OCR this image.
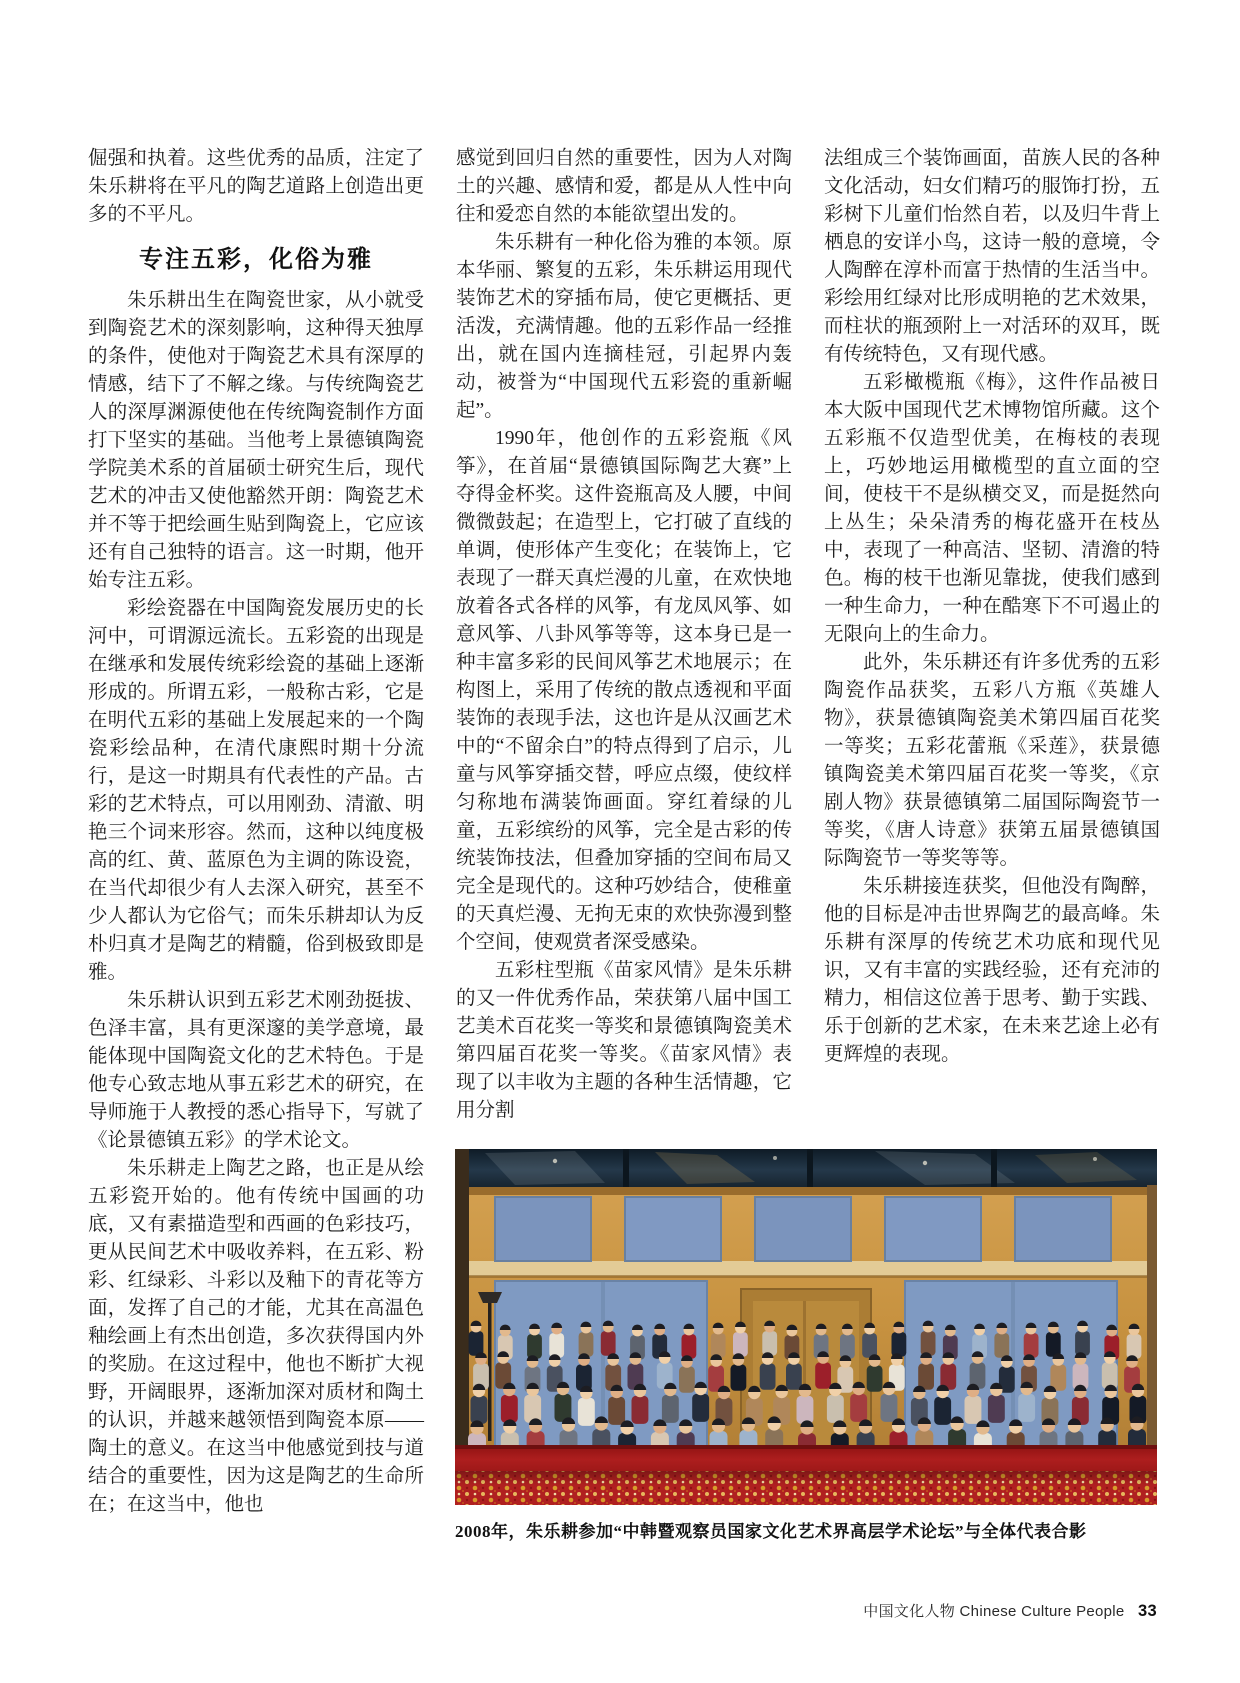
倔强和执着。这些优秀的品质，注定了朱乐耕将在平凡的陶艺道路上创造出更多的不平凡。
专注五彩，化俗为雅
朱乐耕出生在陶瓷世家，从小就受到陶瓷艺术的深刻影响，这种得天独厚的条件，使他对于陶瓷艺术具有深厚的情感，结下了不解之缘。与传统陶瓷艺人的深厚渊源使他在传统陶瓷制作方面打下坚实的基础。当他考上景德镇陶瓷学院美术系的首届硕士研究生后，现代艺术的冲击又使他豁然开朗：陶瓷艺术并不等于把绘画生贴到陶瓷上，它应该还有自己独特的语言。这一时期，他开始专注五彩。
彩绘瓷器在中国陶瓷发展历史的长河中，可谓源远流长。五彩瓷的出现是在继承和发展传统彩绘瓷的基础上逐渐形成的。所谓五彩，一般称古彩，它是在明代五彩的基础上发展起来的一个陶瓷彩绘品种，在清代康熙时期十分流行，是这一时期具有代表性的产品。古彩的艺术特点，可以用刚劲、清澈、明艳三个词来形容。然而，这种以纯度极高的红、黄、蓝原色为主调的陈设瓷，在当代却很少有人去深入研究，甚至不少人都认为它俗气；而朱乐耕却认为反朴归真才是陶艺的精髓，俗到极致即是雅。
朱乐耕认识到五彩艺术刚劲挺拔、色泽丰富，具有更深邃的美学意境，最能体现中国陶瓷文化的艺术特色。于是他专心致志地从事五彩艺术的研究，在导师施于人教授的悉心指导下，写就了《论景德镇五彩》的学术论文。
朱乐耕走上陶艺之路，也正是从绘五彩瓷开始的。他有传统中国画的功底，又有素描造型和西画的色彩技巧，更从民间艺术中吸收养料，在五彩、粉彩、红绿彩、斗彩以及釉下的青花等方面，发挥了自己的才能，尤其在高温色釉绘画上有杰出创造，多次获得国内外的奖励。在这过程中，他也不断扩大视野，开阔眼界，逐渐加深对质材和陶土的认识，并越来越领悟到陶瓷本原——陶土的意义。在这当中他感觉到技与道结合的重要性，因为这是陶艺的生命所在；在这当中，他也
感觉到回归自然的重要性，因为人对陶土的兴趣、感情和爱，都是从人性中向往和爱恋自然的本能欲望出发的。
朱乐耕有一种化俗为雅的本领。原本华丽、繁复的五彩，朱乐耕运用现代装饰艺术的穿插布局，使它更概括、更活泼，充满情趣。他的五彩作品一经推出，就在国内连摘桂冠，引起界内轰动，被誉为“中国现代五彩瓷的重新崛起”。
1990年，他创作的五彩瓷瓶《风筝》，在首届“景德镇国际陶艺大赛”上夺得金杯奖。这件瓷瓶高及人腰，中间微微鼓起；在造型上，它打破了直线的单调，使形体产生变化；在装饰上，它表现了一群天真烂漫的儿童，在欢快地放着各式各样的风筝，有龙凤风筝、如意风筝、八卦风筝等等，这本身已是一种丰富多彩的民间风筝艺术地展示；在构图上，采用了传统的散点透视和平面装饰的表现手法，这也许是从汉画艺术中的“不留余白”的特点得到了启示，儿童与风筝穿插交替，呼应点缀，使纹样匀称地布满装饰画面。穿红着绿的儿童，五彩缤纷的风筝，完全是古彩的传统装饰技法，但叠加穿插的空间布局又完全是现代的。这种巧妙结合，使稚童的天真烂漫、无拘无束的欢快弥漫到整个空间，使观赏者深受感染。
五彩柱型瓶《苗家风情》是朱乐耕的又一件优秀作品，荣获第八届中国工艺美术百花奖一等奖和景德镇陶瓷美术第四届百花奖一等奖。《苗家风情》表现了以丰收为主题的各种生活情趣，它用分割
法组成三个装饰画面，苗族人民的各种文化活动，妇女们精巧的服饰打扮，五彩树下儿童们怡然自若，以及归牛背上栖息的安详小鸟，这诗一般的意境，令人陶醉在淳朴而富于热情的生活当中。彩绘用红绿对比形成明艳的艺术效果，而柱状的瓶颈附上一对活环的双耳，既有传统特色，又有现代感。
五彩橄榄瓶《梅》，这件作品被日本大阪中国现代艺术博物馆所藏。这个五彩瓶不仅造型优美，在梅枝的表现上，巧妙地运用橄榄型的直立面的空间，使枝干不是纵横交叉，而是挺然向上丛生；朵朵清秀的梅花盛开在枝丛中，表现了一种高洁、坚韧、清澹的特色。梅的枝干也渐见靠拢，使我们感到一种生命力，一种在酷寒下不可遏止的无限向上的生命力。
此外，朱乐耕还有许多优秀的五彩陶瓷作品获奖，五彩八方瓶《英雄人物》，获景德镇陶瓷美术第四届百花奖一等奖；五彩花蕾瓶《采莲》，获景德镇陶瓷美术第四届百花奖一等奖，《京剧人物》获景德镇第二届国际陶瓷节一等奖，《唐人诗意》获第五届景德镇国际陶瓷节一等奖等等。
朱乐耕接连获奖，但他没有陶醉，他的目标是冲击世界陶艺的最高峰。朱乐耕有深厚的传统艺术功底和现代见识，又有丰富的实践经验，还有充沛的精力，相信这位善于思考、勤于实践、乐于创新的艺术家，在未来艺途上必有更辉煌的表现。
2008年，朱乐耕参加“中韩暨观察员国家文化艺术界高层学术论坛”与全体代表合影
中国文化人物 Chinese Culture People 33
